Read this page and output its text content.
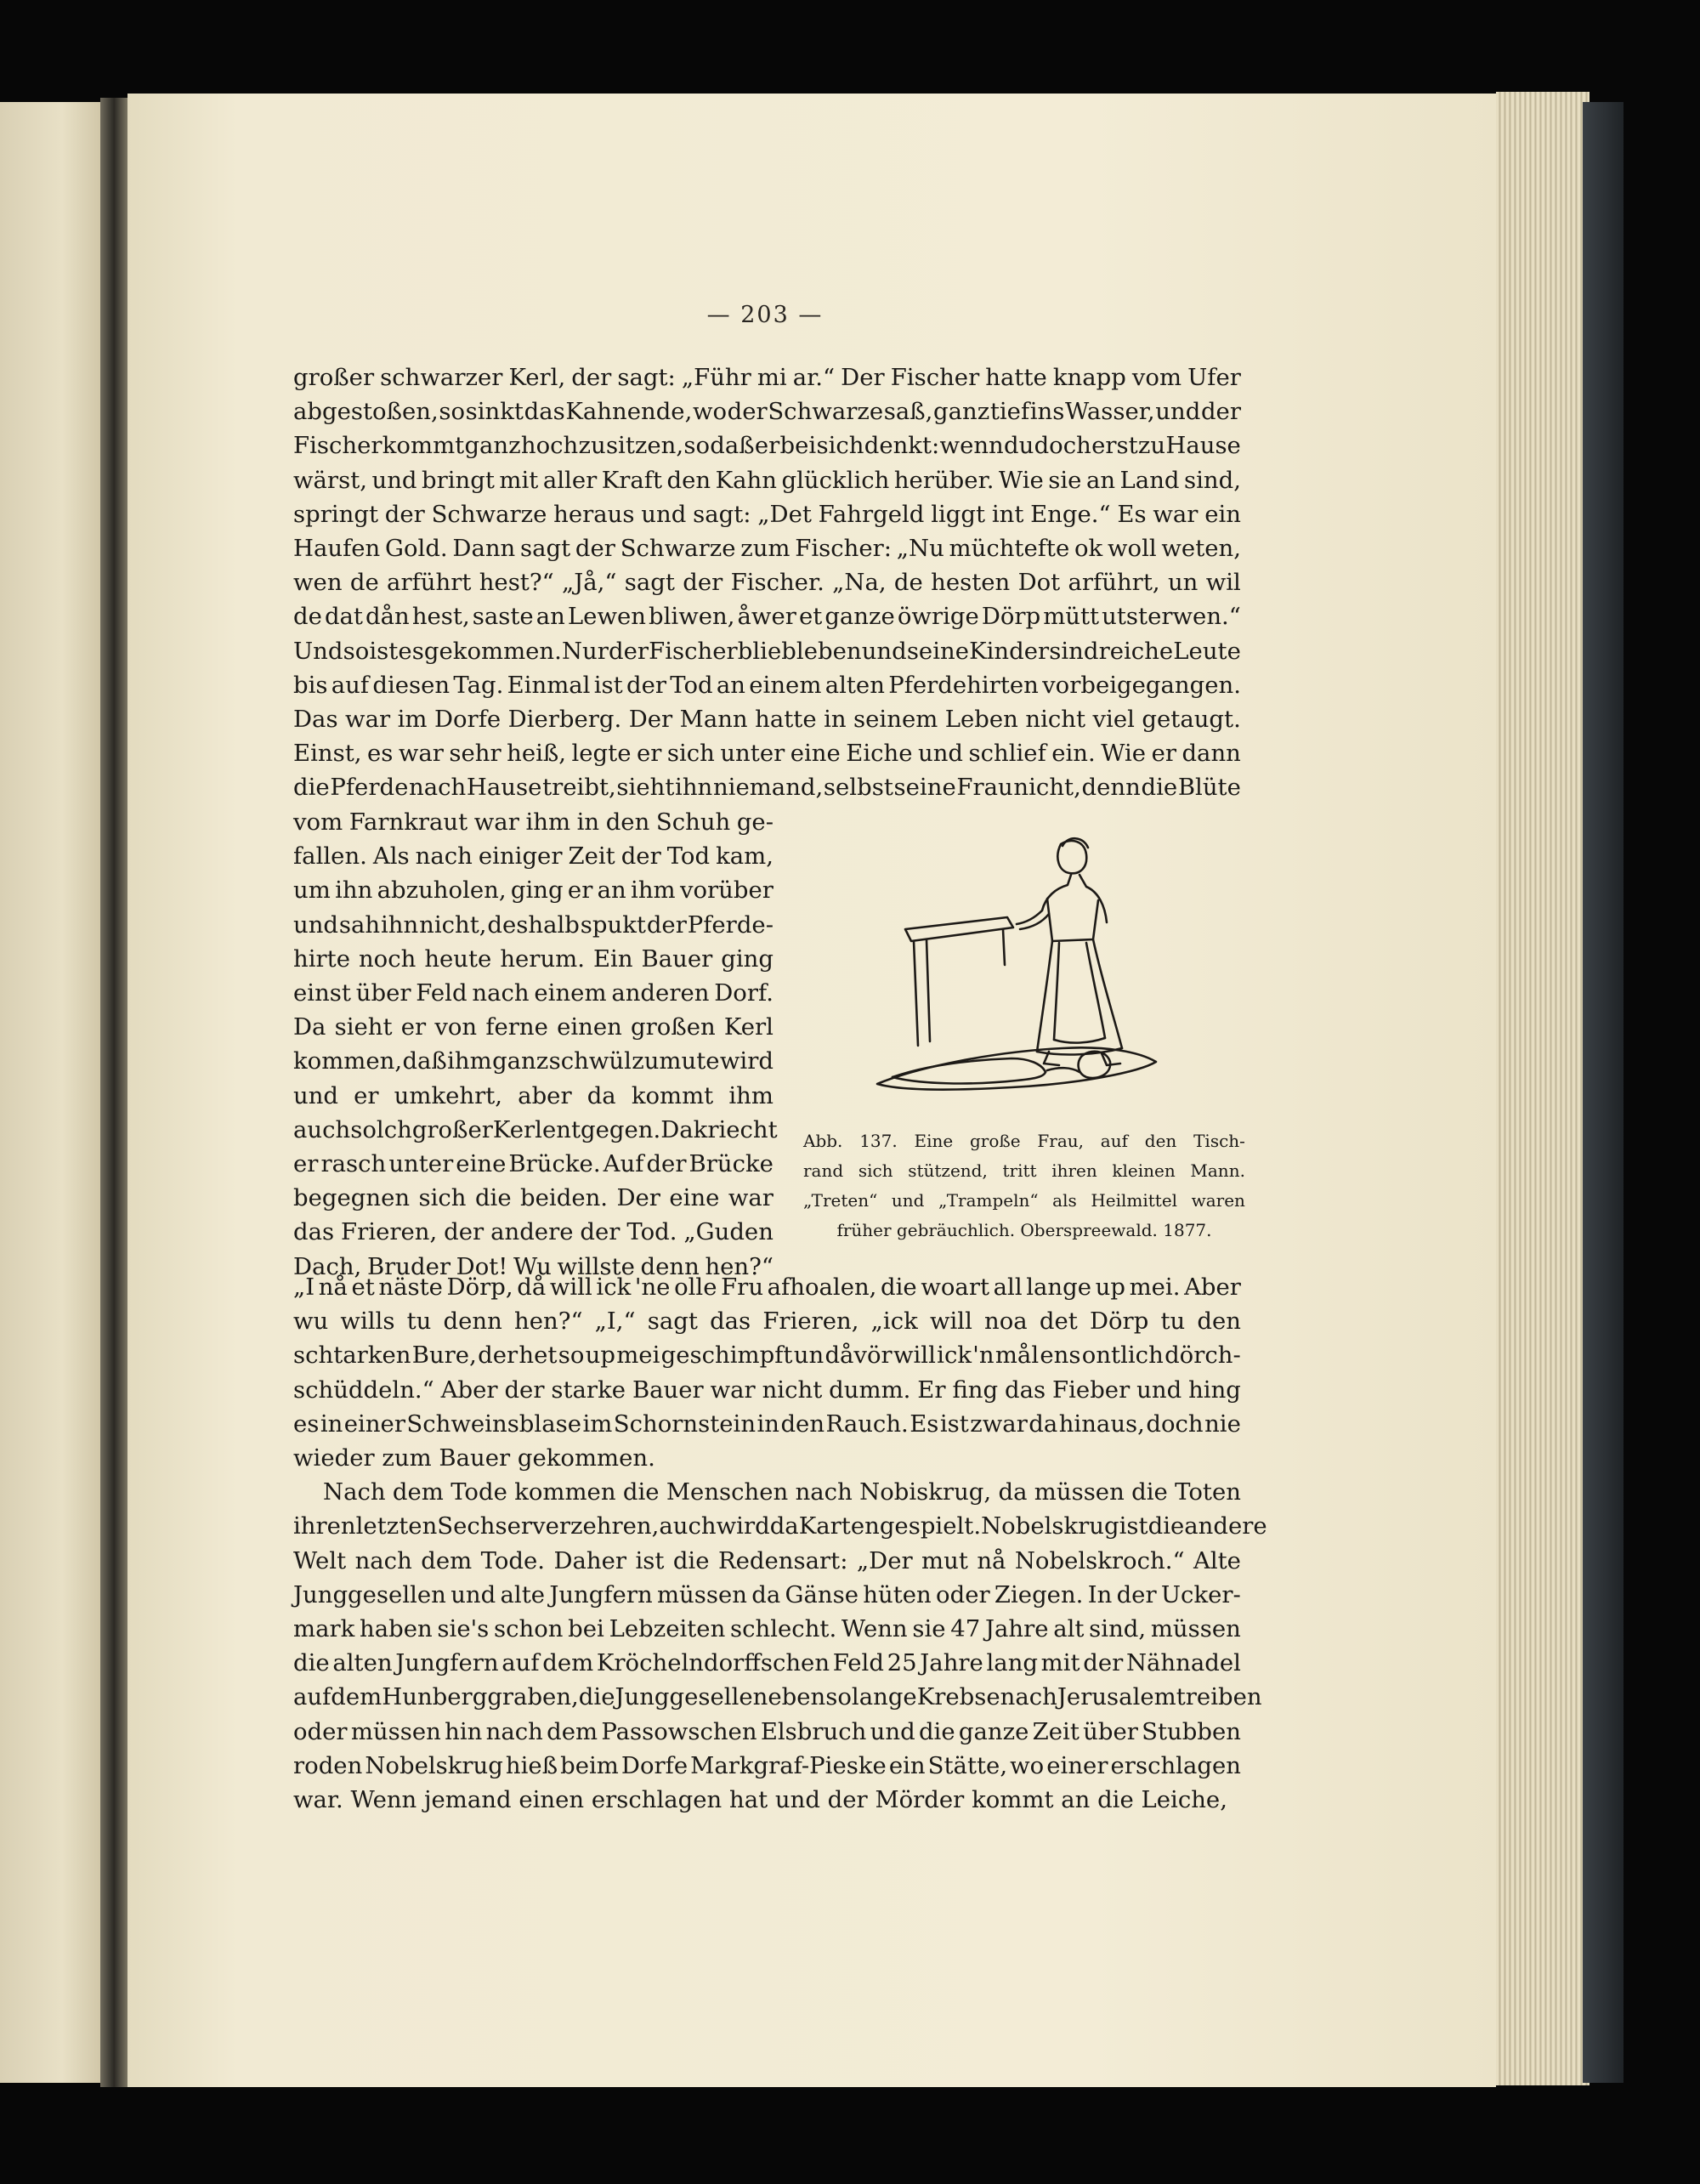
— 203 —
großer schwarzer Kerl, der sagt: „Führ mi ar.“ Der Fischer hatte knapp vom Ufer
abgestoßen, so sinkt das Kahnende, wo der Schwarze saß, ganz tief ins Wasser, und der
Fischer kommt ganz hoch zu sitzen, so daß er bei sich denkt: wenn du doch erst zu Hause
wärst, und bringt mit aller Kraft den Kahn glücklich herüber. Wie sie an Land sind,
springt der Schwarze heraus und sagt: „Det Fahrgeld liggt int Enge.“ Es war ein
Haufen Gold. Dann sagt der Schwarze zum Fischer: „Nu müchtefte ok woll weten,
wen de arführt hest?“ „Jå,“ sagt der Fischer. „Na, de hesten Dot arführt, un wil
de dat dån hest, saste an Lewen bliwen, åwer et ganze öwrige Dörp mütt utsterwen.“
Und so ist es gekommen. Nur der Fischer blieb leben und seine Kinder sind reiche Leute
bis auf diesen Tag. Einmal ist der Tod an einem alten Pferdehirten vorbeigegangen.
Das war im Dorfe Dierberg. Der Mann hatte in seinem Leben nicht viel getaugt.
Einst, es war sehr heiß, legte er sich unter eine Eiche und schlief ein. Wie er dann
die Pferde nach Hause treibt, sieht ihn niemand, selbst seine Frau nicht, denn die Blüte
vom Farnkraut war ihm in den Schuh ge-
fallen. Als nach einiger Zeit der Tod kam,
um ihn abzuholen, ging er an ihm vorüber
und sah ihn nicht, deshalb spukt der Pferde-
hirte noch heute herum. Ein Bauer ging
einst über Feld nach einem anderen Dorf.
Da sieht er von ferne einen großen Kerl
kommen, daß ihm ganz schwül zumute wird
und er umkehrt, aber da kommt ihm
auch solch großer Kerl entgegen. Da kriecht
er rasch unter eine Brücke. Auf der Brücke
begegnen sich die beiden. Der eine war
das Frieren, der andere der Tod. „Guden
Dach, Bruder Dot! Wu willste denn hen?“
„I nå et näste Dörp, då will ick 'ne olle Fru afhoalen, die woart all lange up mei. Aber
wu wills tu denn hen?“ „I,“ sagt das Frieren, „ick will noa det Dörp tu den
schtarken Bure, der het so up mei geschimpft un dåvör will ick 'n mål ens ontlich dörch-
schüddeln.“ Aber der starke Bauer war nicht dumm. Er fing das Fieber und hing
es in einer Schweinsblase im Schornstein in den Rauch. Es ist zwar da hinaus, doch nie
wieder zum Bauer gekommen.
Nach dem Tode kommen die Menschen nach Nobiskrug, da müssen die Toten
ihren letzten Sechser verzehren, auch wird da Karten gespielt. Nobelskrug ist die andere
Welt nach dem Tode. Daher ist die Redensart: „Der mut nå Nobelskroch.“ Alte
Junggesellen und alte Jungfern müssen da Gänse hüten oder Ziegen. In der Ucker-
mark haben sie's schon bei Lebzeiten schlecht. Wenn sie 47 Jahre alt sind, müssen
die alten Jungfern auf dem Kröchelndorffschen Feld 25 Jahre lang mit der Nähnadel
auf dem Hunberg graben, die Junggesellen ebensolange Krebse nach Jerusalem treiben
oder müssen hin nach dem Passowschen Elsbruch und die ganze Zeit über Stubben
roden Nobelskrug hieß beim Dorfe Markgraf-Pieske ein Stätte, wo einer erschlagen
war. Wenn jemand einen erschlagen hat und der Mörder kommt an die Leiche,
Abb. 137. Eine große Frau, auf den Tisch-
rand sich stützend, tritt ihren kleinen Mann.
„Treten“ und „Trampeln“ als Heilmittel waren
früher gebräuchlich. Oberspreewald. 1877.
